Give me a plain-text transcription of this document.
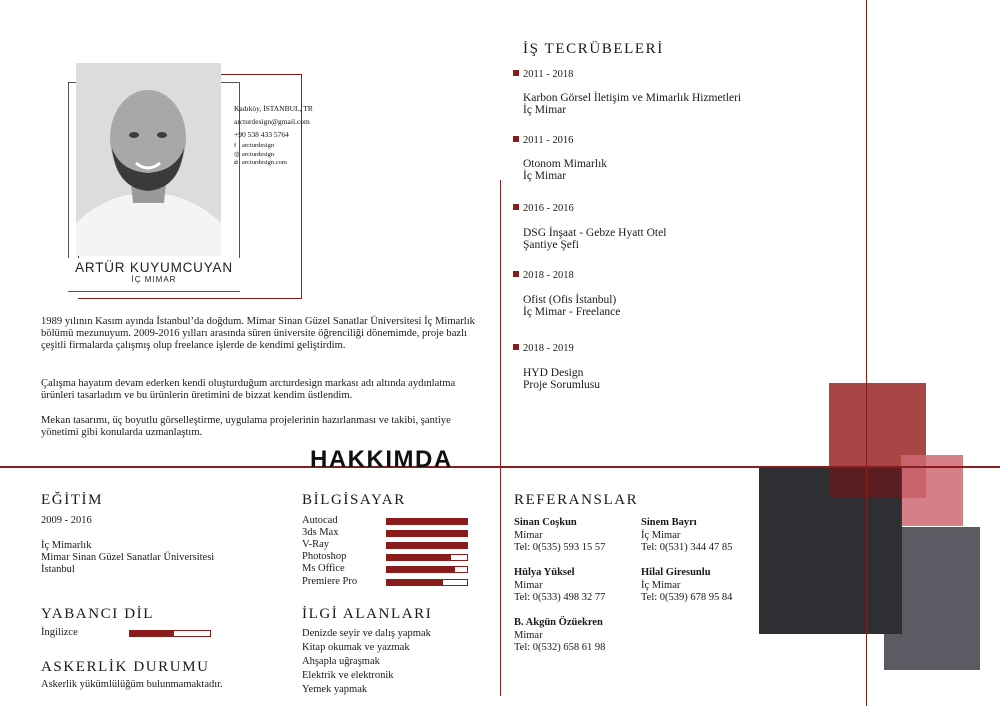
ARTÜR KUYUMCUYAN
İÇ MIMAR
Kadıköy, İSTANBUL, TR
arcturdesign@gmail.com
+90 538 433 5764
f arcturdesign
◎ arcturdesign
⌀ arcturdesign.com
1989 yılının Kasım ayında İstanbul’da doğdum. Mimar Sinan Güzel Sanatlar Üniversitesi İç Mimarlık bölümü mezunuyum. 2009-2016 yılları arasında süren üniversite öğrenciliği dönemimde, proje bazlı çeşitli firmalarda çalışmış olup freelance işlerde de kendimi geliştirdim.
Çalışma hayatım devam ederken kendi oluşturduğum arcturdesign markası adı altında aydınlatma ürünleri tasarladım ve bu ürünlerin üretimini de bizzat kendim üstlendim.
Mekan tasarımı, üç boyutlu görselleştirme, uygulama projelerinin hazırlanması ve takibi, şantiye yönetimi gibi konularda uzmanlaştım.
HAKKIMDA
İŞ TECRÜBELERİ
2011 - 2018
Karbon Görsel İletişim ve Mimarlık Hizmetleri
İç Mimar
2011 - 2016
Otonom Mimarlık
İç Mimar
2016 - 2016
DSG İnşaat - Gebze Hyatt Otel
Şantiye Şefi
2018 - 2018
Ofist (Ofis İstanbul)
İç Mimar - Freelance
2018 - 2019
HYD Design
Proje Sorumlusu
EĞİTİM
2009 - 2016
İç Mimarlık
Mimar Sinan Güzel Sanatlar Üniversitesi
İstanbul
YABANCI DİL
İngilizce
ASKERLİK DURUMU
Askerlik yükümlülüğüm bulunmamaktadır.
BİLGİSAYAR
Autocad
3ds Max
V-Ray
Photoshop
Ms Office
Premiere Pro
İLGİ ALANLARI
Denizde seyir ve dalış yapmak
Kitap okumak ve yazmak
Ahşapla uğraşmak
Elektrik ve elektronik
Yemek yapmak
REFERANSLAR
Sinan Coşkun
Mimar
Tel: 0(535) 593 15 57
Sinem Bayrı
İç Mimar
Tel: 0(531) 344 47 85
Hülya Yüksel
Mimar
Tel: 0(533) 498 32 77
Hilal Giresunlu
İç Mimar
Tel: 0(539) 678 95 84
B. Akgün Özüekren
Mimar
Tel: 0(532) 658 61 98
